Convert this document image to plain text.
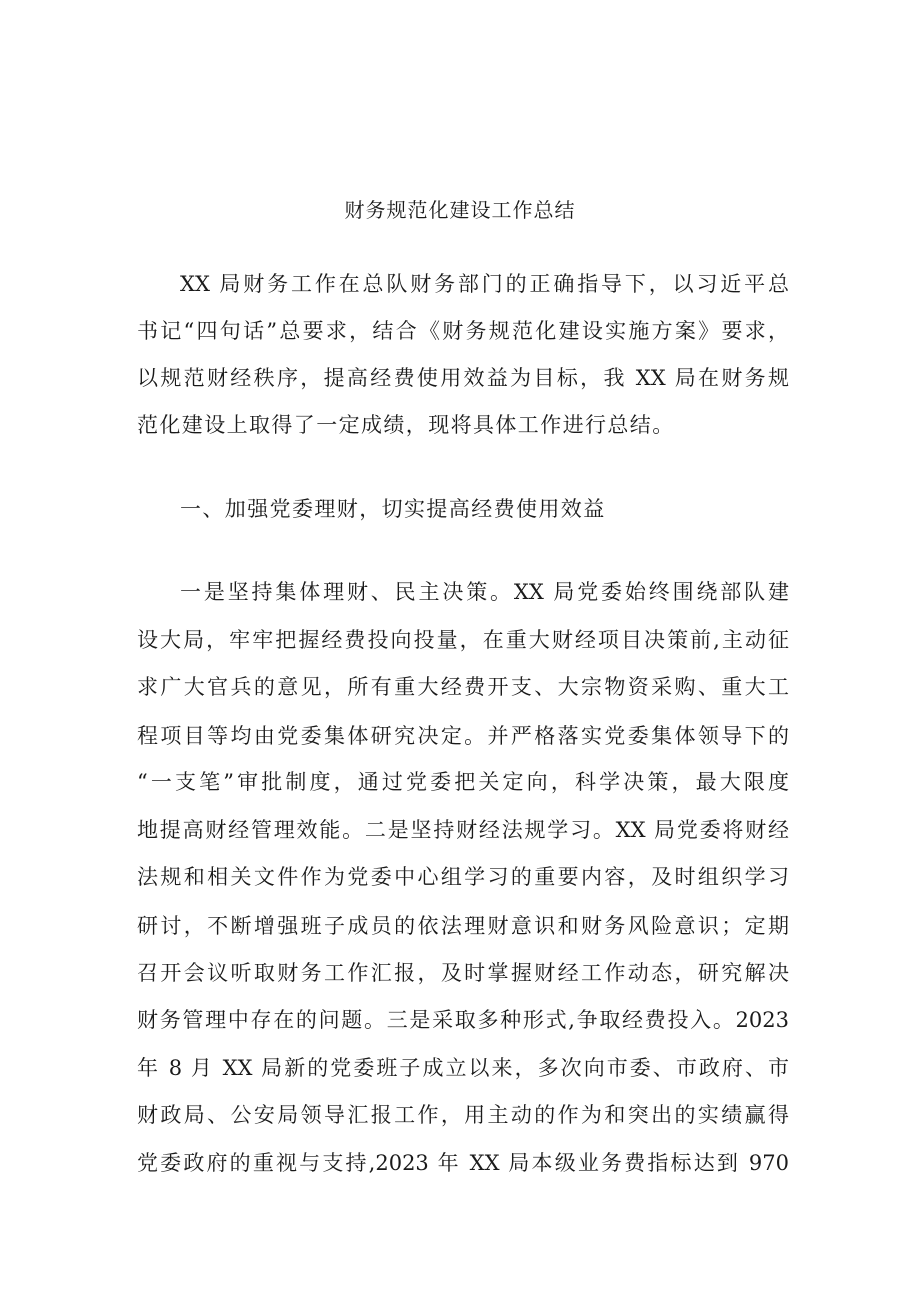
财务规范化建设工作总结
XX 局财务工作在总队财务部门的正确指导下，以习近平总
书记“四句话”总要求，结合《财务规范化建设实施方案》要求，
以规范财经秩序，提高经费使用效益为目标，我 XX 局在财务规
范化建设上取得了一定成绩，现将具体工作进行总结。
一、加强党委理财，切实提高经费使用效益
一是坚持集体理财、民主决策。XX 局党委始终围绕部队建
设大局，牢牢把握经费投向投量，在重大财经项目决策前,主动征
求广大官兵的意见，所有重大经费开支、大宗物资采购、重大工
程项目等均由党委集体研究决定。并严格落实党委集体领导下的
“一支笔”审批制度，通过党委把关定向，科学决策，最大限度
地提高财经管理效能。二是坚持财经法规学习。XX 局党委将财经
法规和相关文件作为党委中心组学习的重要内容，及时组织学习
研讨，不断增强班子成员的依法理财意识和财务风险意识；定期
召开会议听取财务工作汇报，及时掌握财经工作动态，研究解决
财务管理中存在的问题。三是采取多种形式,争取经费投入。2023
年 8 月 XX 局新的党委班子成立以来，多次向市委、市政府、市
财政局、公安局领导汇报工作，用主动的作为和突出的实绩赢得
党委政府的重视与支持,2023 年 XX 局本级业务费指标达到 970
